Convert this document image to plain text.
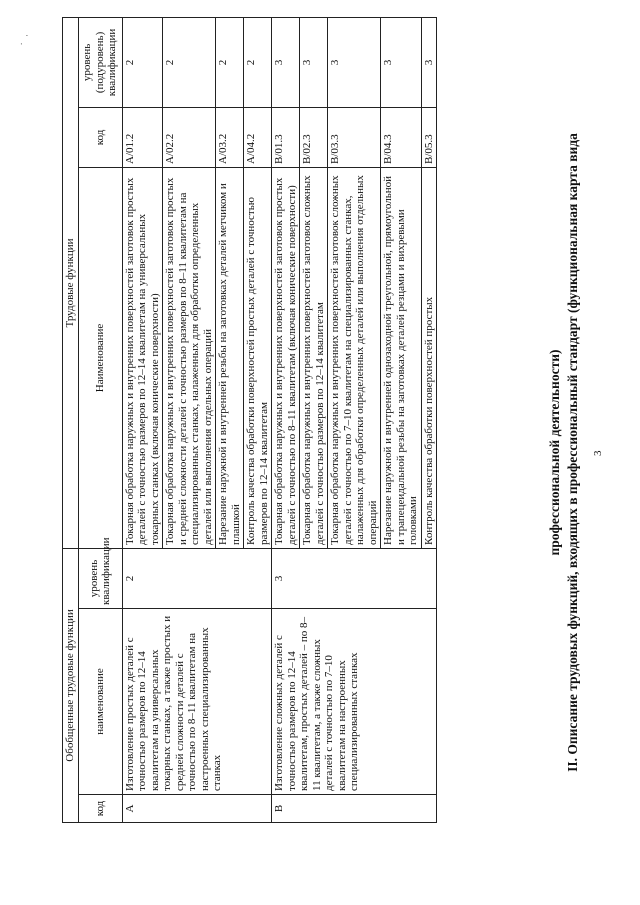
.
·
3
II. Описание трудовых функций, входящих в профессиональный стандарт (функциональная карта вида
профессиональной деятельности)
Обобщенные трудовые функции			Трудовые функции		
код	наименование	уровень квалификации	Наименование	код	уровень (подуровень) квалификации
А	Изготовление простых деталей с точностью размеров по 12–14 квалитетам на универсальных токарных станках, а также простых и средней сложности деталей с точностью по 8–11 квалитетам на настроенных специализированных станках	2	Токарная обработка наружных и внутренних поверхностей заготовок простых деталей с точностью размеров по 12–14 квалитетам на универсальных токарных станках (включая конические поверхности)	A/01.2	2
			Токарная обработка наружных и внутренних поверхностей заготовок простых и средней сложности деталей с точностью размеров по 8–11 квалитетам на специализированных станках, налаженных для обработки определенных деталей или выполнения отдельных операций	A/02.2	2
			Нарезание наружной и внутренней резьбы на заготовках деталей метчиком и плашкой	A/03.2	2
			Контроль качества обработки поверхностей простых деталей с точностью размеров по 12–14 квалитетам	A/04.2	2
В	Изготовление сложных деталей с точностью размеров по 12–14 квалитетам, простых деталей – по 8–11 квалитетам, а также сложных деталей с точностью по 7–10 квалитетам на настроенных специализированных станках	3	Токарная обработка наружных и внутренних поверхностей заготовок простых деталей с точностью по 8–11 квалитетам (включая конические поверхности)	B/01.3	3
			Токарная обработка наружных и внутренних поверхностей заготовок сложных деталей с точностью размеров по 12–14 квалитетам	B/02.3	3
			Токарная обработка наружных и внутренних поверхностей заготовок сложных деталей с точностью по 7–10 квалитетам на специализированных станках, налаженных для обработки определенных деталей или выполнения отдельных операций	B/03.3	3
			Нарезание наружной и внутренней однозаходной треугольной, прямоугольной и трапецеидальной резьбы на заготовках деталей резцами и вихревыми головками	B/04.3	3
			Контроль качества обработки поверхностей простых	B/05.3	3
